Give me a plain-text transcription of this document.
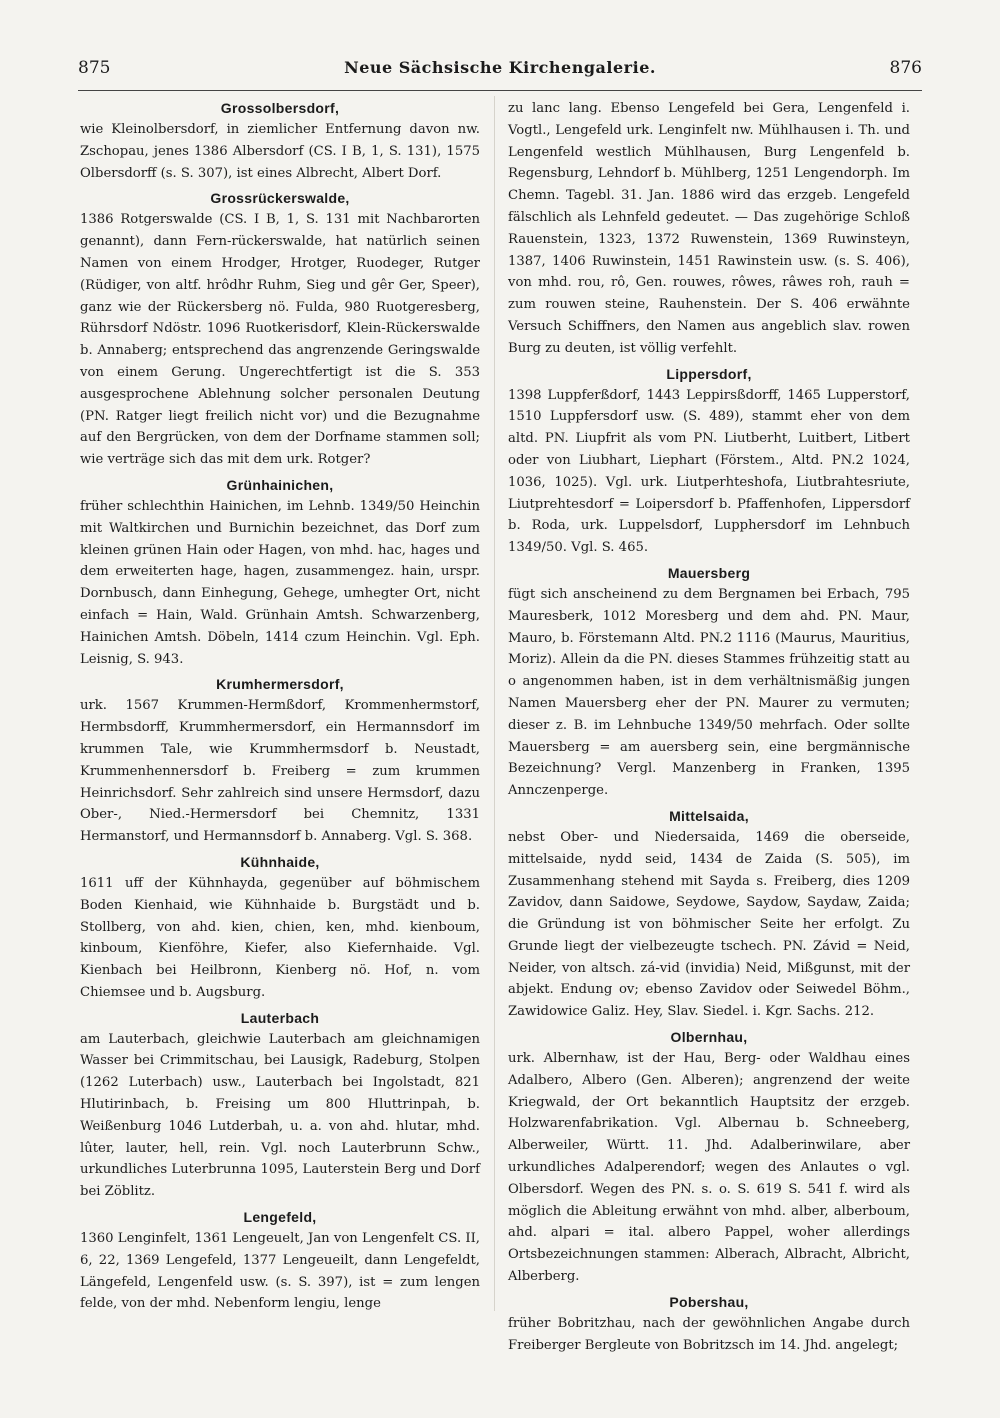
875	Neue Sächsische Kirchengalerie.	876
Grossolbersdorf,

wie Kleinolbersdorf, in ziemlicher Entfernung davon nw. Zschopau, jenes 1386 Albersdorf (CS. I B, 1, S. 131), 1575 Olbersdorff (s. S. 307), ist eines Albrecht, Albert Dorf.

Grossrückerswalde,

1386 Rotgerswalde (CS. I B, 1, S. 131 mit Nachbarorten genannt), dann Fern-rückerswalde, hat natürlich seinen Namen von einem Hrodger, Hrotger, Ruodeger, Rutger (Rüdiger, von altf. hrôdhr Ruhm, Sieg und gêr Ger, Speer), ganz wie der Rückersberg nö. Fulda, 980 Ruotgeresberg, Rührsdorf Ndöstr. 1096 Ruotkerisdorf, Klein-Rückerswalde b. Annaberg; entsprechend das angrenzende Geringswalde von einem Gerung. Ungerechtfertigt ist die S. 353 ausgesprochene Ablehnung solcher personalen Deutung (PN. Ratger liegt freilich nicht vor) und die Bezugnahme auf den Bergrücken, von dem der Dorfname stammen soll; wie verträge sich das mit dem urk. Rotger?

Grünhainichen,

früher schlechthin Hainichen, im Lehnb. 1349/50 Heinchin mit Waltkirchen und Burnichin bezeichnet, das Dorf zum kleinen grünen Hain oder Hagen, von mhd. hac, hages und dem erweiterten hage, hagen, zusammengez. hain, urspr. Dornbusch, dann Einhegung, Gehege, umhegter Ort, nicht einfach = Hain, Wald. Grünhain Amtsh. Schwarzenberg, Hainichen Amtsh. Döbeln, 1414 czum Heinchin. Vgl. Eph. Leisnig, S. 943.

Krumhermersdorf,

urk. 1567 Krummen-Hermßdorf, Krommenhermstorf, Hermbsdorff, Krummhermersdorf, ein Hermannsdorf im krummen Tale, wie Krummhermsdorf b. Neustadt, Krummenhennersdorf b. Freiberg = zum krummen Heinrichsdorf. Sehr zahlreich sind unsere Hermsdorf, dazu Ober-, Nied.-Hermersdorf bei Chemnitz, 1331 Hermanstorf, und Hermannsdorf b. Annaberg. Vgl. S. 368.

Kühnhaide,

1611 uff der Kühnhayda, gegenüber auf böhmischem Boden Kienhaid, wie Kühnhaide b. Burgstädt und b. Stollberg, von ahd. kien, chien, ken, mhd. kienboum, kinboum, Kienföhre, Kiefer, also Kiefernhaide. Vgl. Kienbach bei Heilbronn, Kienberg nö. Hof, n. vom Chiemsee und b. Augsburg.

Lauterbach

am Lauterbach, gleichwie Lauterbach am gleichnamigen Wasser bei Crimmitschau, bei Lausigk, Radeburg, Stolpen (1262 Luterbach) usw., Lauterbach bei Ingolstadt, 821 Hlutirinbach, b. Freising um 800 Hluttrinpah, b. Weißenburg 1046 Lutderbah, u. a. von ahd. hlutar, mhd. lûter, lauter, hell, rein. Vgl. noch Lauterbrunn Schw., urkundliches Luterbrunna 1095, Lauterstein Berg und Dorf bei Zöblitz.

Lengefeld,

1360 Lenginfelt, 1361 Lengeuelt, Jan von Lengenfelt CS. II, 6, 22, 1369 Lengefeld, 1377 Lengeueilt, dann Lengefeldt, Längefeld, Lengenfeld usw. (s. S. 397), ist = zum lengen felde, von der mhd. Nebenform lengiu, lenge

zu lanc lang. Ebenso Lengefeld bei Gera, Lengenfeld i. Vogtl., Lengefeld urk. Lenginfelt nw. Mühlhausen i. Th. und Lengenfeld westlich Mühlhausen, Burg Lengenfeld b. Regensburg, Lehndorf b. Mühlberg, 1251 Lengendorph. Im Chemn. Tagebl. 31. Jan. 1886 wird das erzgeb. Lengefeld fälschlich als Lehnfeld gedeutet. — Das zugehörige Schloß Rauenstein, 1323, 1372 Ruwenstein, 1369 Ruwinsteyn, 1387, 1406 Ruwinstein, 1451 Rawinstein usw. (s. S. 406), von mhd. rou, rô, Gen. rouwes, rôwes, râwes roh, rauh = zum rouwen steine, Rauhenstein. Der S. 406 erwähnte Versuch Schiffners, den Namen aus angeblich slav. rowen Burg zu deuten, ist völlig verfehlt.

Lippersdorf,

1398 Luppferßdorf, 1443 Leppirsßdorff, 1465 Lupperstorf, 1510 Luppfersdorf usw. (S. 489), stammt eher von dem altd. PN. Liupfrit als vom PN. Liutberht, Luitbert, Litbert oder von Liubhart, Liephart (Förstem., Altd. PN.2 1024, 1036, 1025). Vgl. urk. Liutperhteshofa, Liutbrahtesriute, Liutprehtesdorf = Loipersdorf b. Pfaffenhofen, Lippersdorf b. Roda, urk. Luppelsdorf, Lupphersdorf im Lehnbuch 1349/50. Vgl. S. 465.

Mauersberg

fügt sich anscheinend zu dem Bergnamen bei Erbach, 795 Mauresberk, 1012 Moresberg und dem ahd. PN. Maur, Mauro, b. Förstemann Altd. PN.2 1116 (Maurus, Mauritius, Moriz). Allein da die PN. dieses Stammes frühzeitig statt au o angenommen haben, ist in dem verhältnismäßig jungen Namen Mauersberg eher der PN. Maurer zu vermuten; dieser z. B. im Lehnbuche 1349/50 mehrfach. Oder sollte Mauersberg = am auersberg sein, eine bergmännische Bezeichnung? Vergl. Manzenberg in Franken, 1395 Annczenperge.

Mittelsaida,

nebst Ober- und Niedersaida, 1469 die oberseide, mittelsaide, nydd seid, 1434 de Zaida (S. 505), im Zusammenhang stehend mit Sayda s. Freiberg, dies 1209 Zavidov, dann Saidowe, Seydowe, Saydow, Saydaw, Zaida; die Gründung ist von böhmischer Seite her erfolgt. Zu Grunde liegt der vielbezeugte tschech. PN. Závid = Neid, Neider, von altsch. zá-vid (invidia) Neid, Mißgunst, mit der abjekt. Endung ov; ebenso Zavidov oder Seiwedel Böhm., Zawidowice Galiz. Hey, Slav. Siedel. i. Kgr. Sachs. 212.

Olbernhau,

urk. Albernhaw, ist der Hau, Berg- oder Waldhau eines Adalbero, Albero (Gen. Alberen); angrenzend der weite Kriegwald, der Ort bekanntlich Hauptsitz der erzgeb. Holzwarenfabrikation. Vgl. Albernau b. Schneeberg, Alberweiler, Württ. 11. Jhd. Adalberinwilare, aber urkundliches Adalperendorf; wegen des Anlautes o vgl. Olbersdorf. Wegen des PN. s. o. S. 619 S. 541 f. wird als möglich die Ableitung erwähnt von mhd. alber, alberboum, ahd. alpari = ital. albero Pappel, woher allerdings Ortsbezeichnungen stammen: Alberach, Albracht, Albricht, Alberberg.

Pobershau,

früher Bobritzhau, nach der gewöhnlichen Angabe durch Freiberger Bergleute von Bobritzsch im 14. Jhd. angelegt;
